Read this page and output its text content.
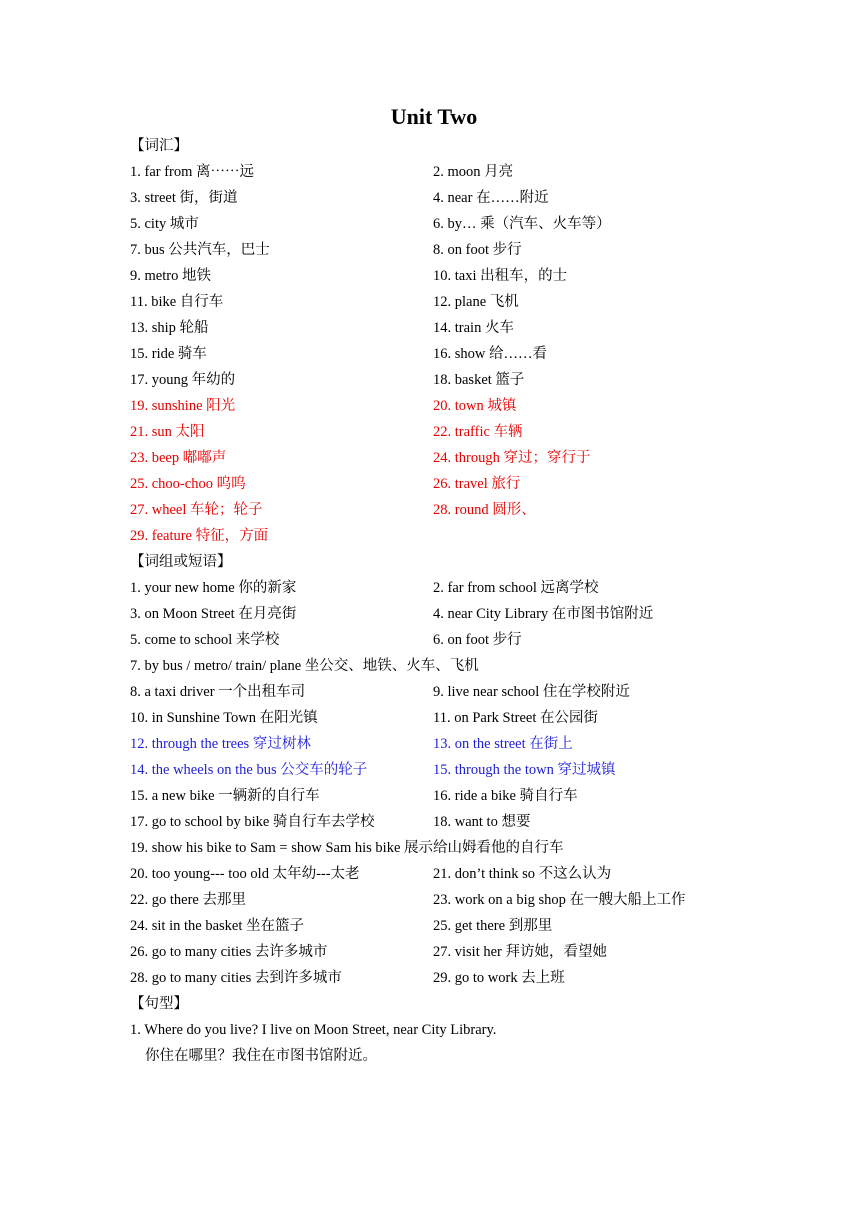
Unit Two
【词汇】
1. far from 离⋯⋯远	2. moon 月亮
3. street 街，街道	4. near 在……附近
5. city 城市	6. by… 乘（汽车、火车等）
7. bus 公共汽车，巴士	8. on foot 步行
9. metro 地铁	10. taxi 出租车，的士
11. bike 自行车	12. plane 飞机
13. ship 轮船	14. train 火车
15. ride 骑车	16. show 给……看
17. young 年幼的	18. basket 篮子
19. sunshine 阳光	20. town 城镇
21. sun 太阳	22. traffic 车辆
23. beep 嘟嘟声	24. through 穿过；穿行于
25. choo-choo 呜呜	26. travel 旅行
27. wheel 车轮；轮子	28. round 圆形、
29. feature 特征，方面
【词组或短语】
1. your new home 你的新家	2. far from school 远离学校
3. on Moon Street 在月亮街	4. near City Library 在市图书馆附近
5. come to school 来学校	6. on foot 步行
7. by bus / metro/ train/ plane 坐公交、地铁、火车、飞机
8. a taxi driver 一个出租车司	9. live near school 住在学校附近
10. in Sunshine Town 在阳光镇	11. on Park Street 在公园街
12. through the trees 穿过树林	13. on the street 在街上
14. the wheels on the bus 公交车的轮子	15. through the town 穿过城镇
15. a new bike 一辆新的自行车	16. ride a bike 骑自行车
17. go to school by bike 骑自行车去学校	18. want to 想要
19. show his bike to Sam = show Sam his bike 展示给山姆看他的自行车
20. too young--- too old 太年幼---太老	21. don’t think so 不这么认为
22. go there 去那里	23. work on a big shop 在一艘大船上工作
24. sit in the basket 坐在篮子	25. get there 到那里
26. go to many cities 去许多城市	27. visit her 拜访她，看望她
28. go to many cities 去到许多城市	29. go to work 去上班
【句型】
1. Where do you live? I live on Moon Street, near City Library.
你住在哪里？我住在市图书馆附近。
